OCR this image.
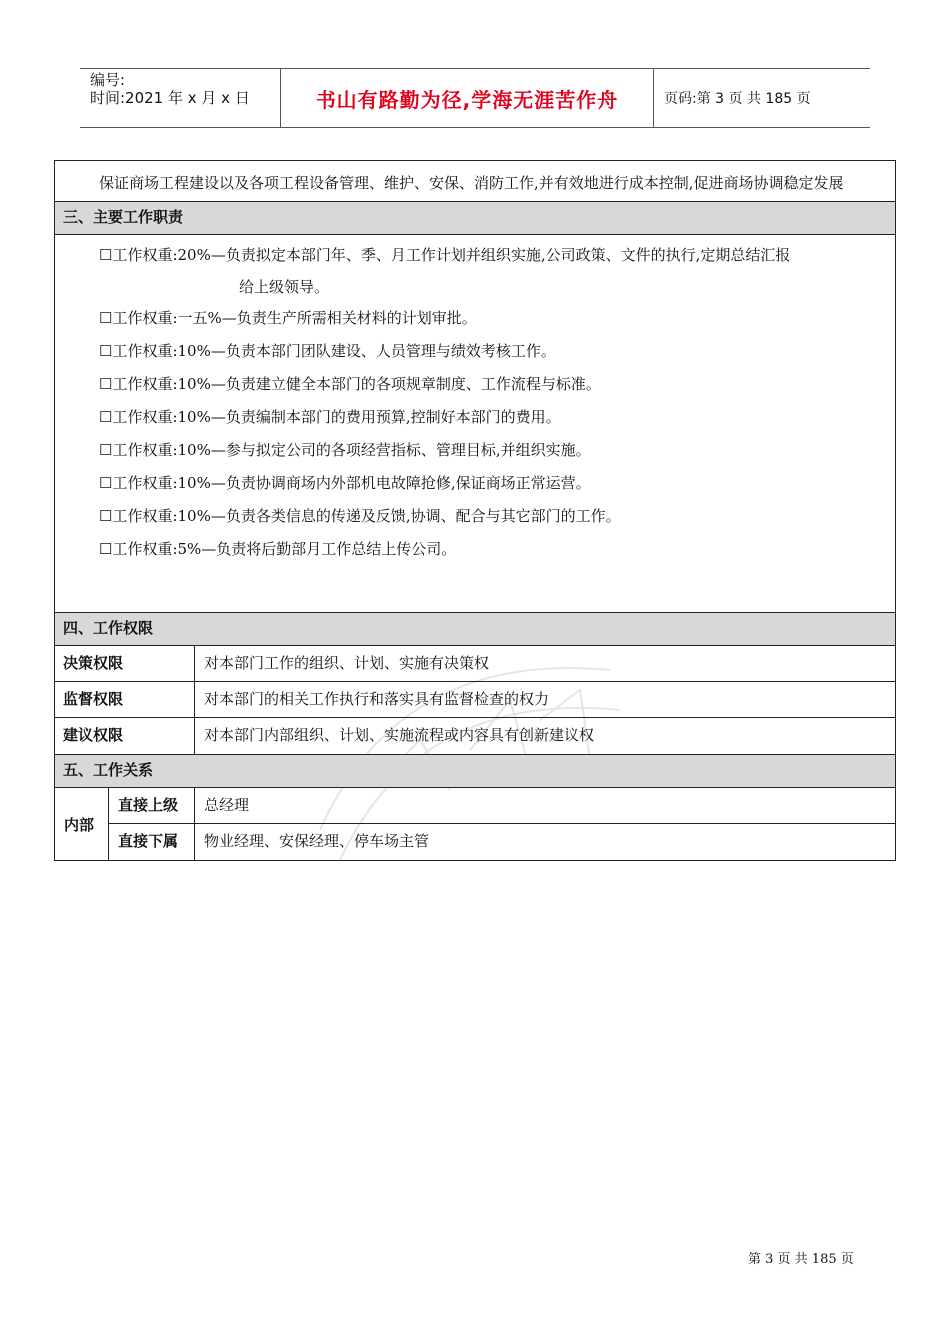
编号:
时间:2021 年 x 月 x 日	书山有路勤为径,学海无涯苦作舟	页码:第 3 页 共 185 页
保证商场工程建设以及各项工程设备管理、维护、安保、消防工作,并有效地进行成本控制,促进商场协调稳定发展
三、主要工作职责
☐工作权重:20%—负责拟定本部门年、季、月工作计划并组织实施,公司政策、文件的执行,定期总结汇报
给上级领导。
☐工作权重:一五%—负责生产所需相关材料的计划审批。
☐工作权重:10%—负责本部门团队建设、人员管理与绩效考核工作。
☐工作权重:10%—负责建立健全本部门的各项规章制度、工作流程与标准。
☐工作权重:10%—负责编制本部门的费用预算,控制好本部门的费用。
☐工作权重:10%—参与拟定公司的各项经营指标、管理目标,并组织实施。
☐工作权重:10%—负责协调商场内外部机电故障抢修,保证商场正常运营。
☐工作权重:10%—负责各类信息的传递及反馈,协调、配合与其它部门的工作。
☐工作权重:5%—负责将后勤部月工作总结上传公司。
四、工作权限
决策权限	对本部门工作的组织、计划、实施有决策权
监督权限	对本部门的相关工作执行和落实具有监督检查的权力
建议权限	对本部门内部组织、计划、实施流程或内容具有创新建议权
五、工作关系
内部
直接上级	总经理
直接下属	物业经理、安保经理、停车场主管
第 3 页 共 185 页
